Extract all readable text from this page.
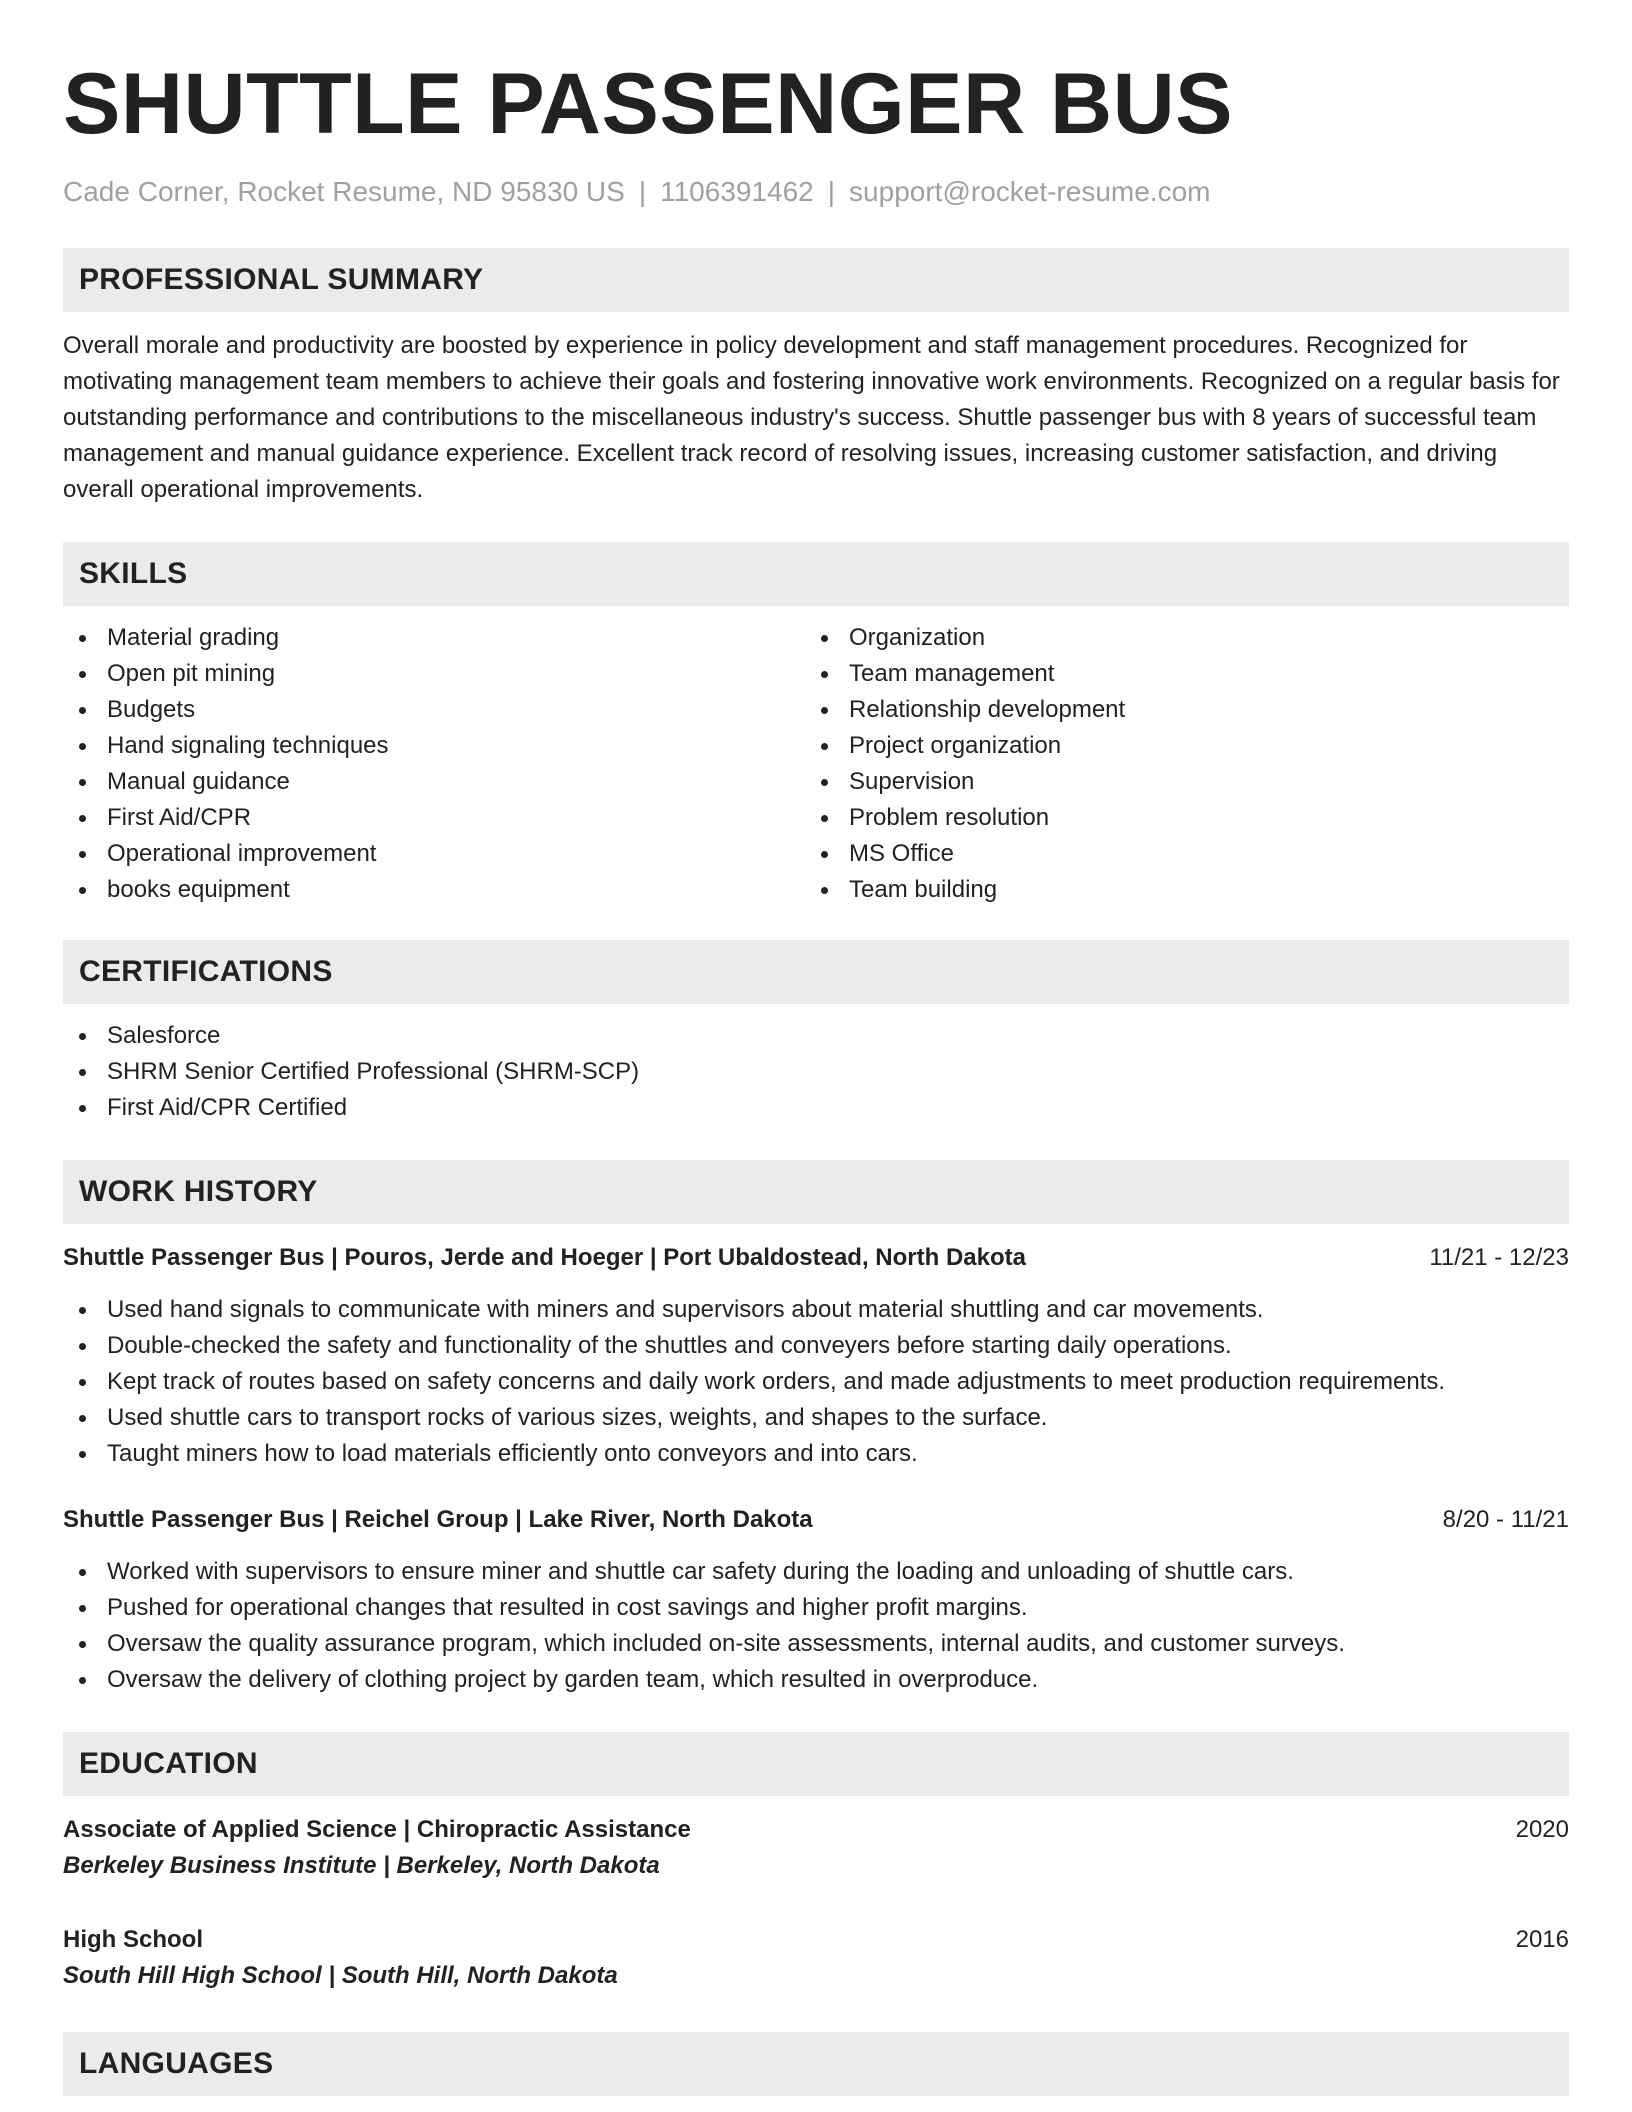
SHUTTLE PASSENGER BUS
Cade Corner, Rocket Resume, ND 95830 US | 1106391462 | support@rocket-resume.com
PROFESSIONAL SUMMARY
Overall morale and productivity are boosted by experience in policy development and staff management procedures. Recognized for motivating management team members to achieve their goals and fostering innovative work environments. Recognized on a regular basis for outstanding performance and contributions to the miscellaneous industry's success. Shuttle passenger bus with 8 years of successful team management and manual guidance experience. Excellent track record of resolving issues, increasing customer satisfaction, and driving overall operational improvements.
SKILLS
Material grading
Open pit mining
Budgets
Hand signaling techniques
Manual guidance
First Aid/CPR
Operational improvement
books equipment
Organization
Team management
Relationship development
Project organization
Supervision
Problem resolution
MS Office
Team building
CERTIFICATIONS
Salesforce
SHRM Senior Certified Professional (SHRM-SCP)
First Aid/CPR Certified
WORK HISTORY
Shuttle Passenger Bus | Pouros, Jerde and Hoeger | Port Ubaldostead, North Dakota	11/21 - 12/23
Used hand signals to communicate with miners and supervisors about material shuttling and car movements.
Double-checked the safety and functionality of the shuttles and conveyers before starting daily operations.
Kept track of routes based on safety concerns and daily work orders, and made adjustments to meet production requirements.
Used shuttle cars to transport rocks of various sizes, weights, and shapes to the surface.
Taught miners how to load materials efficiently onto conveyors and into cars.
Shuttle Passenger Bus | Reichel Group | Lake River, North Dakota	8/20 - 11/21
Worked with supervisors to ensure miner and shuttle car safety during the loading and unloading of shuttle cars.
Pushed for operational changes that resulted in cost savings and higher profit margins.
Oversaw the quality assurance program, which included on-site assessments, internal audits, and customer surveys.
Oversaw the delivery of clothing project by garden team, which resulted in overproduce.
EDUCATION
Associate of Applied Science | Chiropractic Assistance	2020
Berkeley Business Institute | Berkeley, North Dakota
High School	2016
South Hill High School | South Hill, North Dakota
LANGUAGES
